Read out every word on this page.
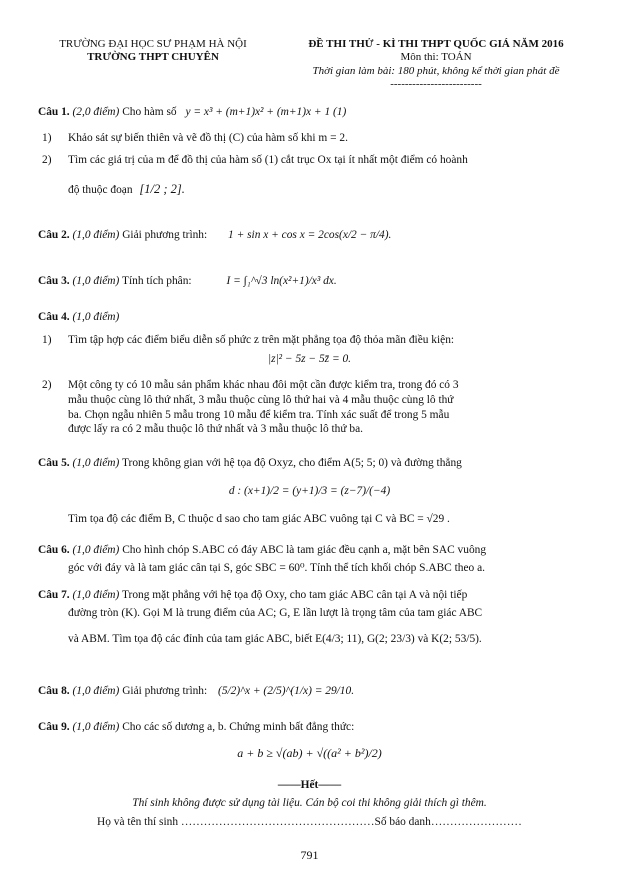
TRƯỜNG ĐẠI HỌC SƯ PHẠM HÀ NỘI
TRƯỜNG THPT CHUYÊN
ĐỀ THI THỬ - KÌ THI THPT QUỐC GIÁ NĂM 2016
Môn thi: TOÁN
Thời gian làm bài: 180 phút, không kể thời gian phát đề
-------------------------
Câu 1. (2,0 điểm) Cho hàm số y = x³ + (m+1)x² + (m+1)x + 1 (1)
1) Khảo sát sự biến thiên và vẽ đồ thị (C) của hàm số khi m = 2.
2) Tìm các giá trị của m để đồ thị của hàm số (1) cắt trục Ox tại ít nhất một điểm có hoành
độ thuộc đoạn [1/2 ; 2].
Câu 2. (1,0 điểm) Giải phương trình: 1 + sin x + cos x = 2cos(x/2 − π/4).
Câu 3. (1,0 điểm) Tính tích phân:	I = ∫₁^√3 ln(x²+1)/x³ dx.
Câu 4. (1,0 điểm)
1) Tìm tập hợp các điểm biểu diễn số phức z trên mặt phẳng tọa độ thỏa mãn điều kiện:
|z|² − 5z − 5z̄ = 0.
2) Một công ty có 10 mẫu sản phẩm khác nhau đôi một cần được kiểm tra, trong đó có 3
mẫu thuộc cùng lô thứ nhất, 3 mẫu thuộc cùng lô thứ hai và 4 mẫu thuộc cùng lô thứ
ba. Chọn ngẫu nhiên 5 mẫu trong 10 mẫu để kiểm tra. Tính xác suất để trong 5 mẫu
được lấy ra có 2 mẫu thuộc lô thứ nhất và 3 mẫu thuộc lô thứ ba.
Câu 5. (1,0 điểm) Trong không gian với hệ tọa độ Oxyz, cho điểm A(5; 5; 0) và đường thẳng
d : (x+1)/2 = (y+1)/3 = (z−7)/(−4)
Tìm tọa độ các điểm B, C thuộc d sao cho tam giác ABC vuông tại C và BC = √29 .
Câu 6. (1,0 điểm) Cho hình chóp S.ABC có đáy ABC là tam giác đều cạnh a, mặt bên SAC vuông
góc với đáy và là tam giác cân tại S, góc SBC = 60⁰. Tính thể tích khối chóp S.ABC theo a.
Câu 7. (1,0 điểm) Trong mặt phẳng với hệ tọa độ Oxy, cho tam giác ABC cân tại A và nội tiếp
đường tròn (K). Gọi M là trung điểm của AC; G, E lần lượt là trọng tâm của tam giác ABC
và ABM. Tìm tọa độ các đỉnh của tam giác ABC, biết E(4/3; 11), G(2; 23/3) và K(2; 53/5).
Câu 8. (1,0 điểm) Giải phương trình: (5/2)^x + (2/5)^(1/x) = 29/10.
Câu 9. (1,0 điểm) Cho các số dương a, b. Chứng minh bất đẳng thức:
a + b ≥ √(ab) + √((a² + b²)/2)
——Hết——
Thí sinh không được sử dụng tài liệu. Cán bộ coi thi không giải thích gì thêm.
Họ và tên thí sinh ……………………………………………Số báo danh……………………
791
